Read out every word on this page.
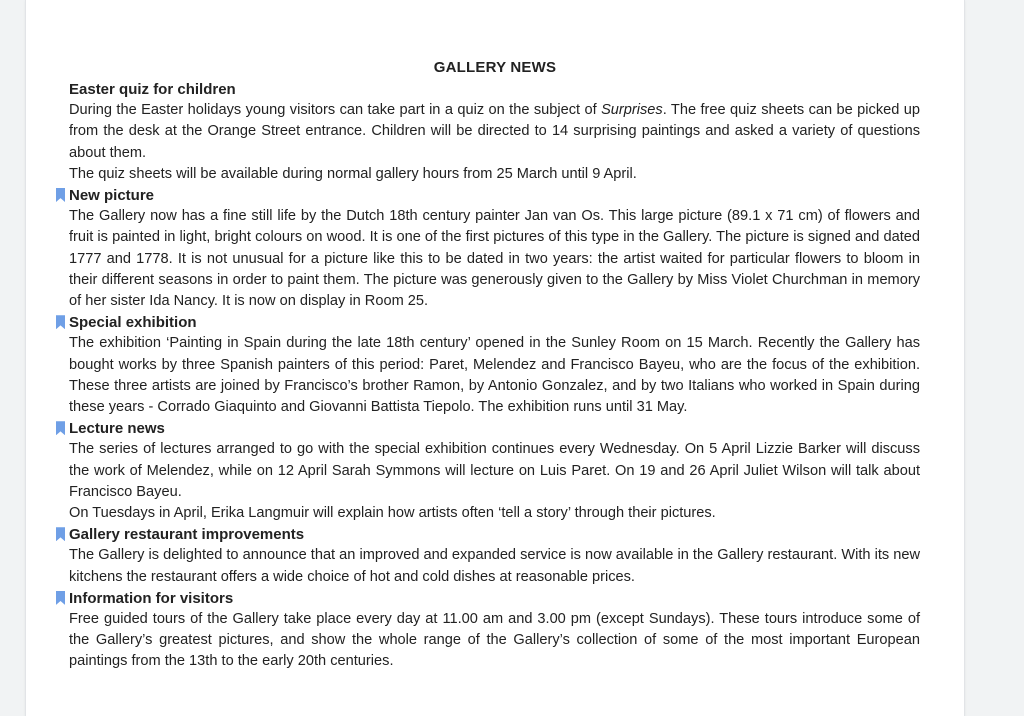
GALLERY NEWS
Easter quiz for children

During the Easter holidays young visitors can take part in a quiz on the subject of Surprises. The free quiz sheets can be picked up from the desk at the Orange Street entrance. Children will be directed to 14 surprising paintings and asked a variety of questions about them.

The quiz sheets will be available during normal gallery hours from 25 March until 9 April.

New picture

The Gallery now has a fine still life by the Dutch 18th century painter Jan van Os. This large picture (89.1 x 71 cm) of flowers and fruit is painted in light, bright colours on wood. It is one of the first pictures of this type in the Gallery. The picture is signed and dated 1777 and 1778. It is not unusual for a picture like this to be dated in two years: the artist waited for particular flowers to bloom in their different seasons in order to paint them. The picture was generously given to the Gallery by Miss Violet Churchman in memory of her sister Ida Nancy. It is now on display in Room 25.

Special exhibition

The exhibition ‘Painting in Spain during the late 18th century’ opened in the Sunley Room on 15 March. Recently the Gallery has bought works by three Spanish painters of this period: Paret, Melendez and Francisco Bayeu, who are the focus of the exhibition. These three artists are joined by Francisco’s brother Ramon, by Antonio Gonzalez, and by two Italians who worked in Spain during these years - Corrado Giaquinto and Giovanni Battista Tiepolo. The exhibition runs until 31 May.

Lecture news

The series of lectures arranged to go with the special exhibition continues every Wednesday. On 5 April Lizzie Barker will discuss the work of Melendez, while on 12 April Sarah Symmons will lecture on Luis Paret. On 19 and 26 April Juliet Wilson will talk about Francisco Bayeu.

On Tuesdays in April, Erika Langmuir will explain how artists often ‘tell a story’ through their pictures.

Gallery restaurant improvements

The Gallery is delighted to announce that an improved and expanded service is now available in the Gallery restaurant. With its new kitchens the restaurant offers a wide choice of hot and cold dishes at reasonable prices.

Information for visitors

Free guided tours of the Gallery take place every day at 11.00 am and 3.00 pm (except Sundays). These tours introduce some of the Gallery’s greatest pictures, and show the whole range of the Gallery’s collection of some of the most important European paintings from the 13th to the early 20th centuries.
